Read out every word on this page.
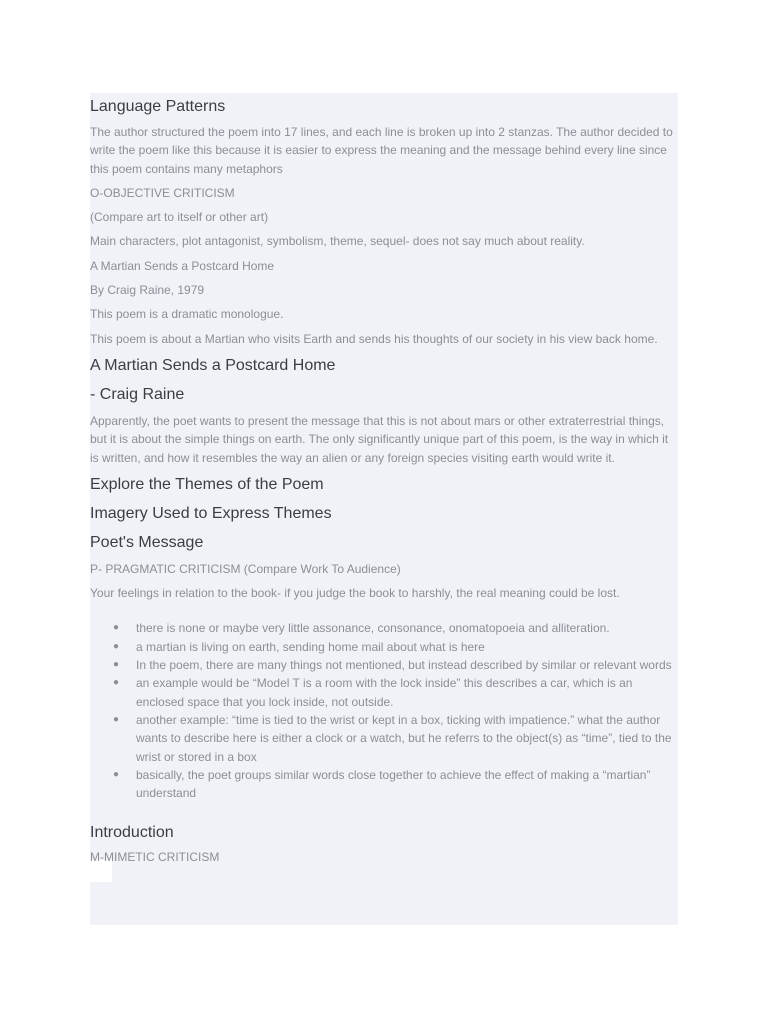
Language Patterns

The author structured the poem into 17 lines, and each line is broken up into 2 stanzas. The author decided to write the poem like this because it is easier to express the meaning and the message behind every line since this poem contains many metaphors

O-OBJECTIVE CRITICISM

(Compare art to itself or other art)

Main characters, plot antagonist, symbolism, theme, sequel- does not say much about reality.

A Martian Sends a Postcard Home

By Craig Raine, 1979

This poem is a dramatic monologue.

This poem is about a Martian who visits Earth and sends his thoughts of our society in his view back home.

A Martian Sends a Postcard Home
- Craig Raine

Apparently, the poet wants to present the message that this is not about mars or other extraterrestrial things, but it is about the simple things on earth. The only significantly unique part of this poem, is the way in which it is written, and how it resembles the way an alien or any foreign species visiting earth would write it.

Explore the Themes of the Poem
Imagery Used to Express Themes
Poet's Message

P- PRAGMATIC CRITICISM (Compare Work To Audience)

Your feelings in relation to the book- if you judge the book to harshly, the real meaning could be lost.

● there is none or maybe very little assonance, consonance, onomatopoeia and alliteration.
● a martian is living on earth, sending home mail about what is here
● In the poem, there are many things not mentioned, but instead described by similar or relevant words
● an example would be “Model T is a room with the lock inside” this describes a car, which is an enclosed space that you lock inside, not outside.
● another example: “time is tied to the wrist or kept in a box, ticking with impatience.” what the author wants to describe here is either a clock or a watch, but he referrs to the object(s) as “time”, tied to the wrist or stored in a box
● basically, the poet groups similar words close together to achieve the effect of making a “martian” understand
Introduction

M-MIMETIC CRITICISM
